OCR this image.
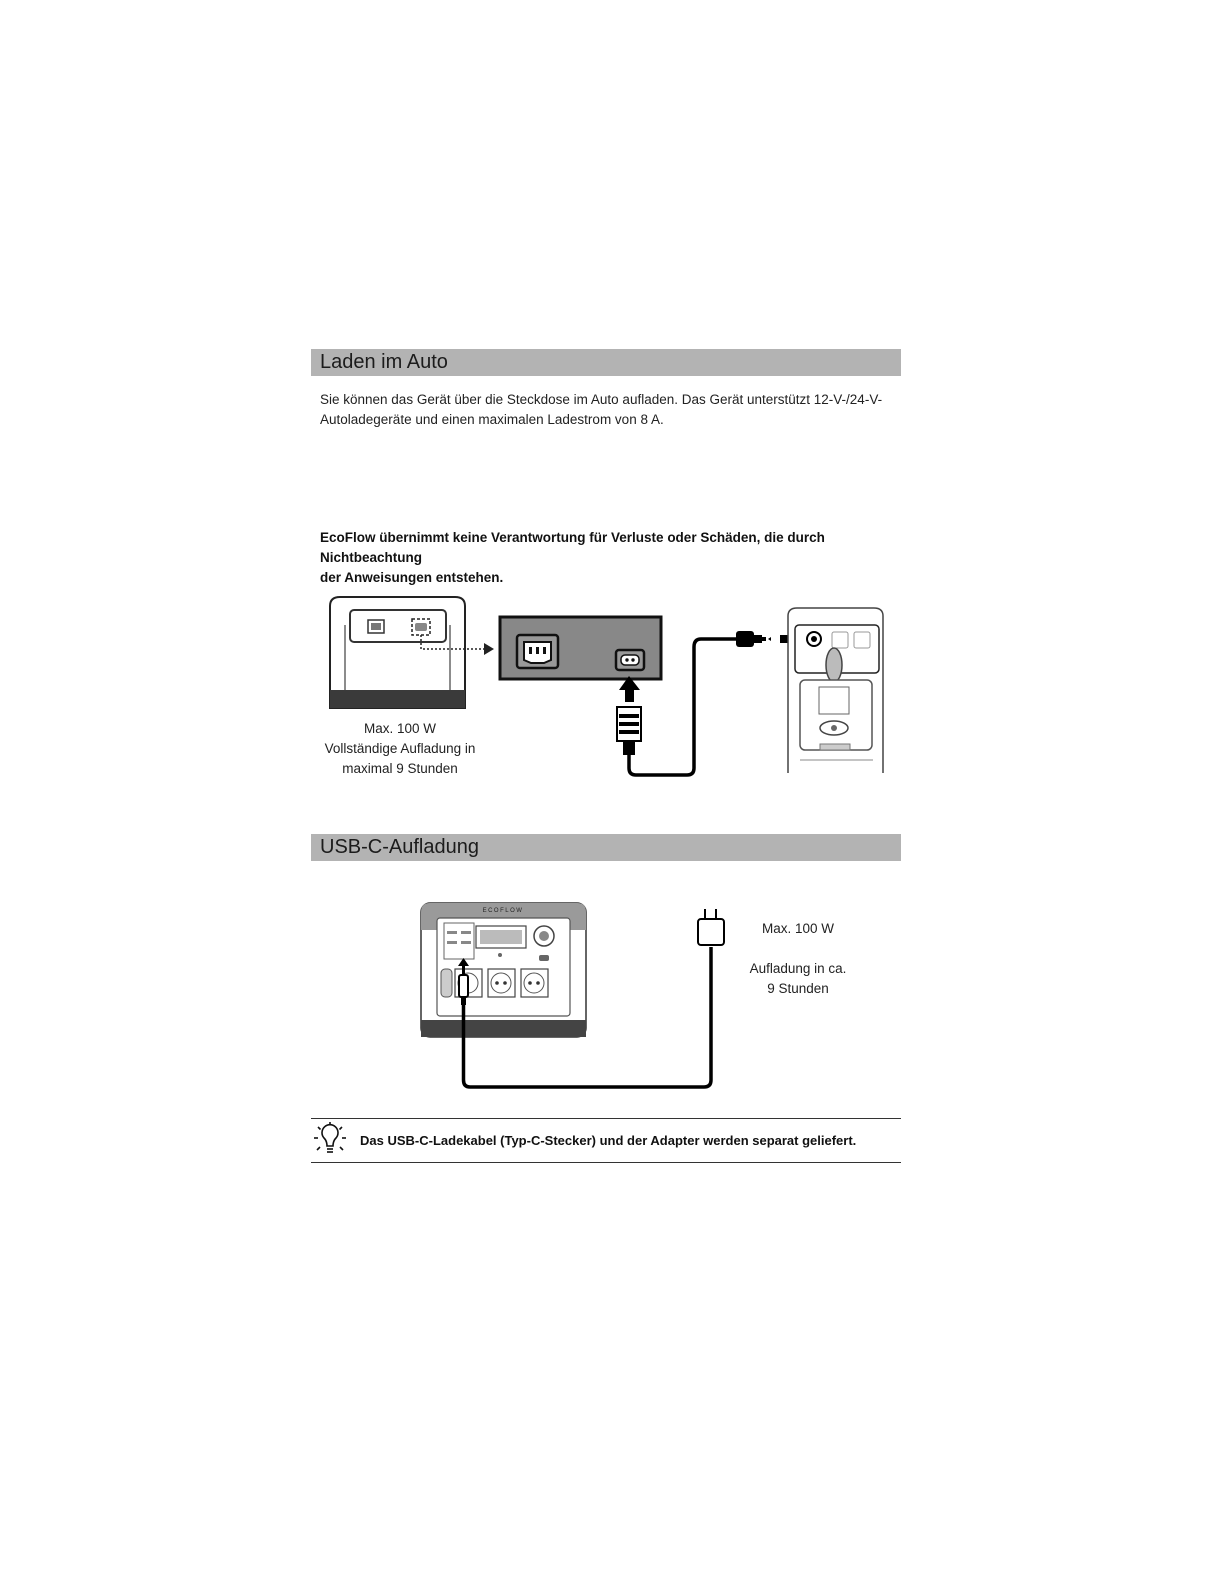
Laden im Auto
Sie können das Gerät über die Steckdose im Auto aufladen. Das Gerät unterstützt 12-V-/24-V-
Autoladegeräte und einen maximalen Ladestrom von 8 A.
EcoFlow übernimmt keine Verantwortung für Verluste oder Schäden, die durch Nichtbeachtung
der Anweisungen entstehen.
Max. 100 W
Vollständige Aufladung in
maximal 9 Stunden
USB-C-Aufladung
ECOFLOW
Max. 100 W
Aufladung in ca.
9 Stunden
Das USB-C-Ladekabel (Typ-C-Stecker) und der Adapter werden separat geliefert.
